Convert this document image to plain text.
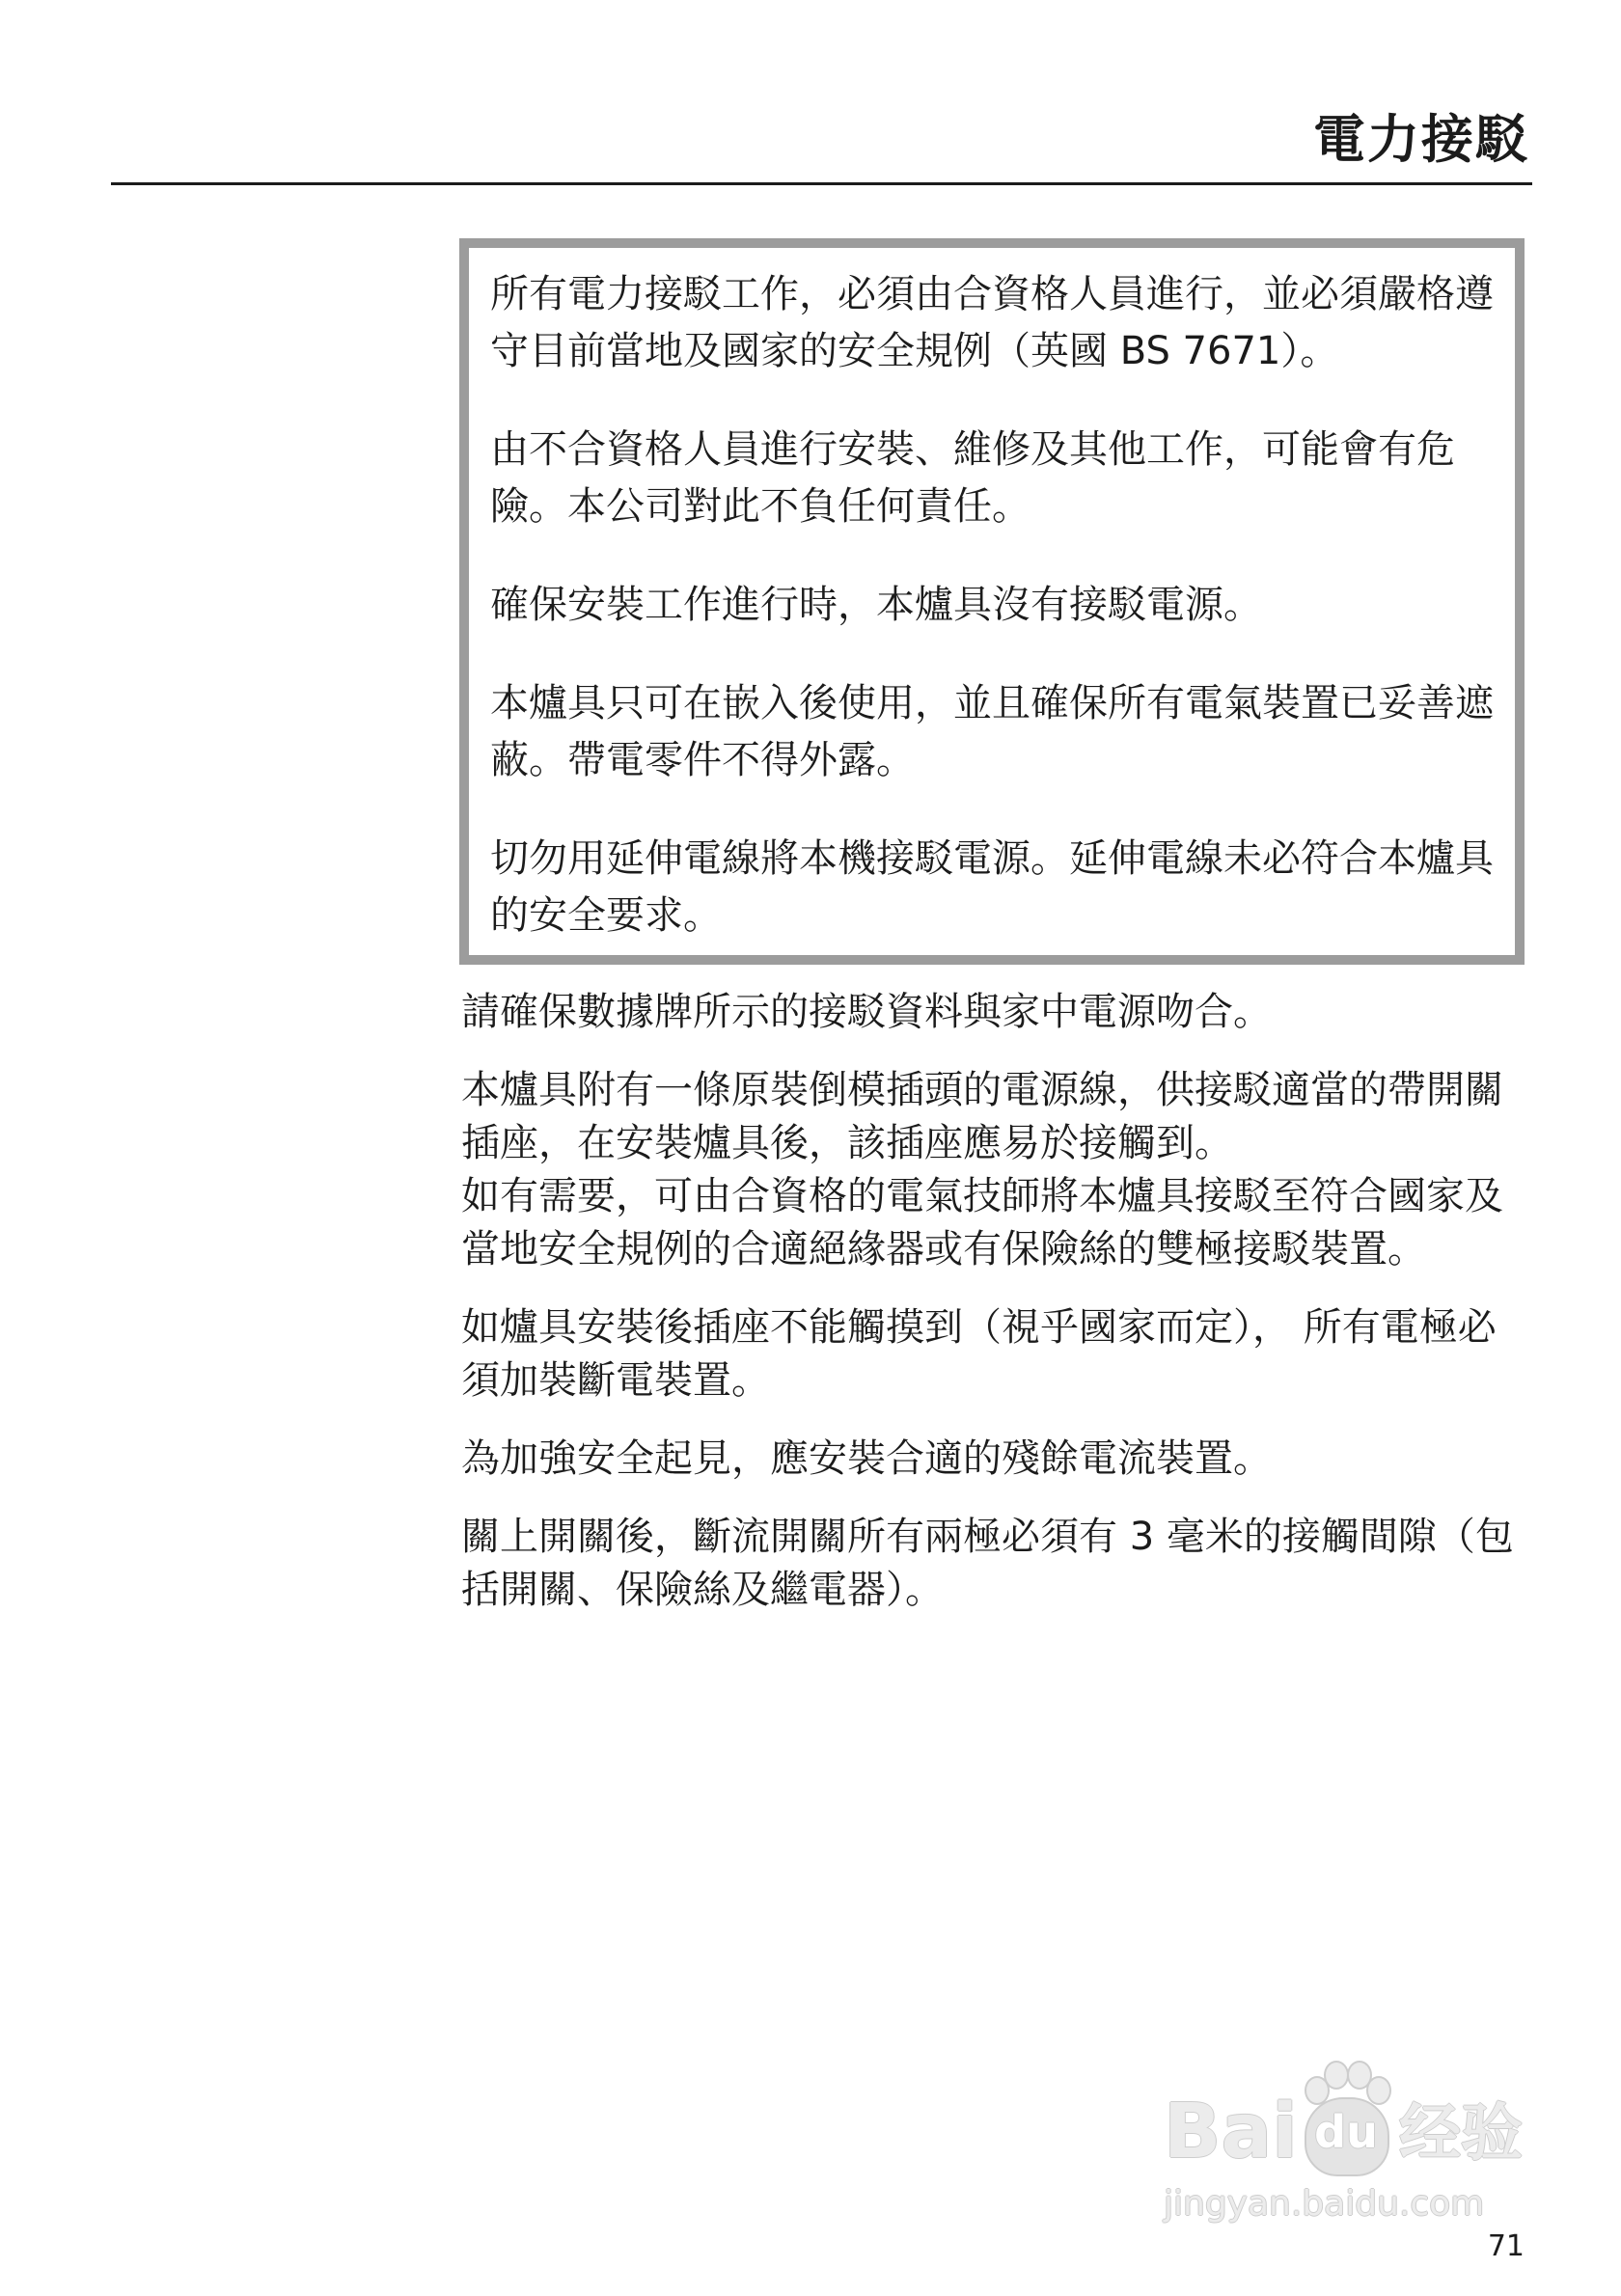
電力接駁
所有電力接駁工作，必須由合資格人員進行，並必須嚴格遵
守目前當地及國家的安全規例（英國 BS 7671）。
由不合資格人員進行安裝、維修及其他工作，可能會有危
險。本公司對此不負任何責任。
確保安裝工作進行時，本爐具沒有接駁電源。
本爐具只可在嵌入後使用，並且確保所有電氣裝置已妥善遮
蔽。帶電零件不得外露。
切勿用延伸電線將本機接駁電源。延伸電線未必符合本爐具
的安全要求。
請確保數據牌所示的接駁資料與家中電源吻合。
本爐具附有一條原裝倒模插頭的電源線，供接駁適當的帶開關
插座，在安裝爐具後，該插座應易於接觸到。
如有需要，可由合資格的電氣技師將本爐具接駁至符合國家及
當地安全規例的合適絕緣器或有保險絲的雙極接駁裝置。
如爐具安裝後插座不能觸摸到（視乎國家而定）， 所有電極必
須加裝斷電裝置。
為加強安全起見，應安裝合適的殘餘電流裝置。
關上開關後，斷流開關所有兩極必須有 3 毫米的接觸間隙（包
括開關、保險絲及繼電器）。
Bai du 经验
jingyan.baidu.com
71
